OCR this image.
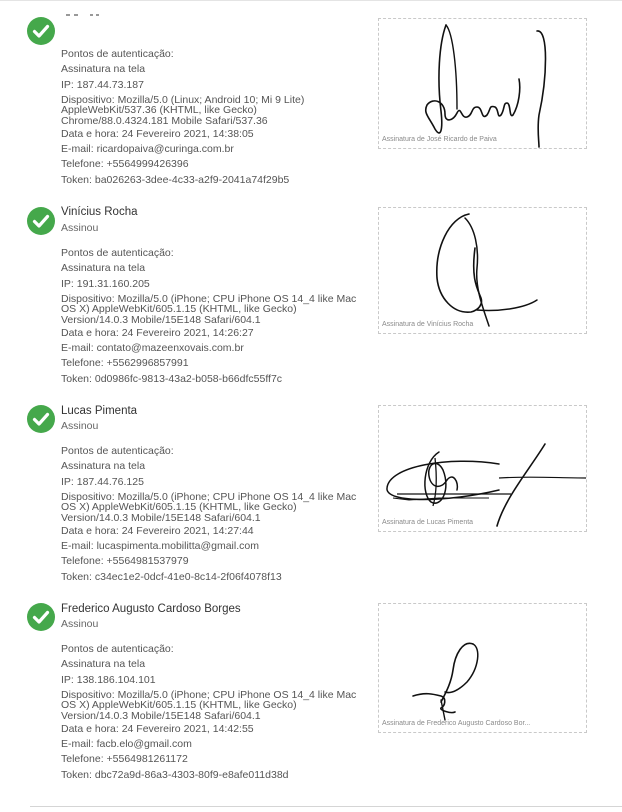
Pontos de autenticação:
Assinatura na tela
IP: 187.44.73.187
Dispositivo: Mozilla/5.0 (Linux; Android 10; Mi 9 Lite) AppleWebKit/537.36 (KHTML, like Gecko) Chrome/88.0.4324.181 Mobile Safari/537.36
Data e hora: 24 Fevereiro 2021, 14:38:05
E-mail: ricardopaiva@curinga.com.br
Telefone: +5564999426396
Token: ba026263-3dee-4c33-a2f9-2041a74f29b5
Assinatura de José Ricardo de Paiva
Vinícius Rocha
Assinou
Pontos de autenticação:
Assinatura na tela
IP: 191.31.160.205
Dispositivo: Mozilla/5.0 (iPhone; CPU iPhone OS 14_4 like Mac OS X) AppleWebKit/605.1.15 (KHTML, like Gecko) Version/14.0.3 Mobile/15E148 Safari/604.1
Data e hora: 24 Fevereiro 2021, 14:26:27
E-mail: contato@mazeenxovais.com.br
Telefone: +5562996857991
Token: 0d0986fc-9813-43a2-b058-b66dfc55ff7c
Assinatura de Vinícius Rocha
Lucas Pimenta
Assinou
Pontos de autenticação:
Assinatura na tela
IP: 187.44.76.125
Dispositivo: Mozilla/5.0 (iPhone; CPU iPhone OS 14_4 like Mac OS X) AppleWebKit/605.1.15 (KHTML, like Gecko) Version/14.0.3 Mobile/15E148 Safari/604.1
Data e hora: 24 Fevereiro 2021, 14:27:44
E-mail: lucaspimenta.mobilitta@gmail.com
Telefone: +5564981537979
Token: c34ec1e2-0dcf-41e0-8c14-2f06f4078f13
Assinatura de Lucas Pimenta
Frederico Augusto Cardoso Borges
Assinou
Pontos de autenticação:
Assinatura na tela
IP: 138.186.104.101
Dispositivo: Mozilla/5.0 (iPhone; CPU iPhone OS 14_4 like Mac OS X) AppleWebKit/605.1.15 (KHTML, like Gecko) Version/14.0.3 Mobile/15E148 Safari/604.1
Data e hora: 24 Fevereiro 2021, 14:42:55
E-mail: facb.elo@gmail.com
Telefone: +5564981261172
Token: dbc72a9d-86a3-4303-80f9-e8afe011d38d
Assinatura de Frederico Augusto Cardoso Bor...
